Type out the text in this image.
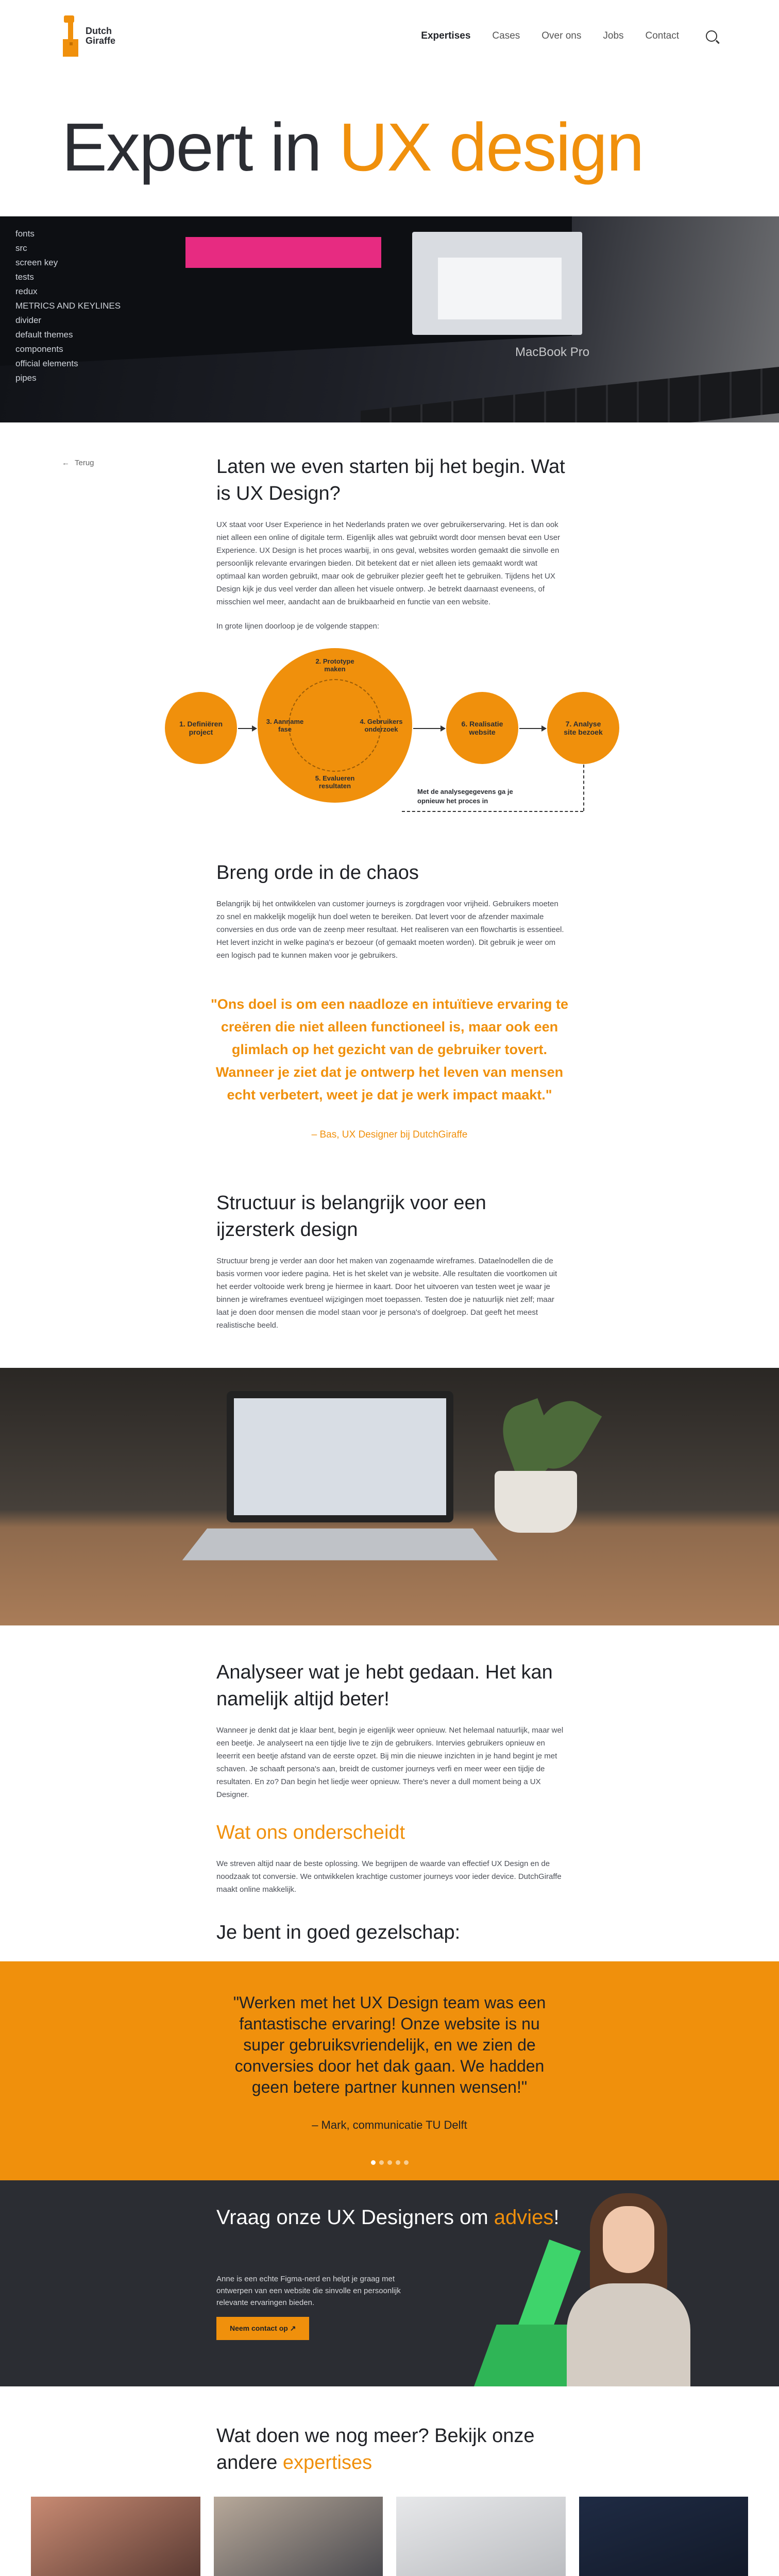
Dutch
Giraffe	Expertises Cases Over ons Jobs Contact
Expert in UX design
fonts
src
screen key
tests
redux
METRICS AND KEYLINES
divider
default themes
components
official elements
pipes
MacBook Pro
← Terug	Laten we even starten bij het begin. Wat is UX Design?

UX staat voor User Experience in het Nederlands praten we over gebruikerservaring. Het is dan ook niet alleen een online of digitale term. Eigenlijk alles wat gebruikt wordt door mensen bevat een User Experience. UX Design is het proces waarbij, in ons geval, websites worden gemaakt die sinvolle en persoonlijk relevante ervaringen bieden. Dit betekent dat er niet alleen iets gemaakt wordt wat optimaal kan worden gebruikt, maar ook de gebruiker plezier geeft het te gebruiken. Tijdens het UX Design kijk je dus veel verder dan alleen het visuele ontwerp. Je betrekt daarnaast eveneens, of misschien wel meer, aandacht aan de bruikbaarheid en functie van een website.

In grote lijnen doorloop je de volgende stappen:

1. Definiëren project
2. Prototype maken
3. Aanname fase
4. Gebruikers onderzoek
5. Evalueren resultaten
6. Realisatie website
7. Analyse site bezoek
Met de analysegegevens ga je opnieuw het proces in
Breng orde in de chaos

Belangrijk bij het ontwikkelen van customer journeys is zorgdragen voor vrijheid. Gebruikers moeten zo snel en makkelijk mogelijk hun doel weten te bereiken. Dat levert voor de afzender maximale conversies en dus orde van de zeenp meer resultaat. Het realiseren van een flowchartis is essentieel. Het levert inzicht in welke pagina's er bezoeur (of gemaakt moeten worden). Dit gebruik je weer om een logisch pad te kunnen maken voor je gebruikers.

"Ons doel is om een naadloze en intuïtieve ervaring te creëren die niet alleen functioneel is, maar ook een glimlach op het gezicht van de gebruiker tovert. Wanneer je ziet dat je ontwerp het leven van mensen echt verbetert, weet je dat je werk impact maakt."
– Bas, UX Designer bij DutchGiraffe
Structuur is belangrijk voor een ijzersterk design

Structuur breng je verder aan door het maken van zogenaamde wireframes. Dataelnodellen die de basis vormen voor iedere pagina. Het is het skelet van je website. Alle resultaten die voortkomen uit het eerder voltooide werk breng je hiermee in kaart. Door het uitvoeren van testen weet je waar je binnen je wireframes eventueel wijzigingen moet toepassen. Testen doe je natuurlijk niet zelf; maar laat je doen door mensen die model staan voor je persona's of doelgroep. Dat geeft het meest realistische beeld.

Analyseer wat je hebt gedaan. Het kan namelijk altijd beter!

Wanneer je denkt dat je klaar bent, begin je eigenlijk weer opnieuw. Net helemaal natuurlijk, maar wel een beetje. Je analyseert na een tijdje live te zijn de gebruikers. Intervies gebruikers opnieuw en leeerrit een beetje afstand van de eerste opzet. Bij min die nieuwe inzichten in je hand begint je met schaven. Je schaaft persona's aan, breidt de customer journeys verfi en meer weer een tijdje de resultaten. En zo? Dan begin het liedje weer opnieuw. There's never a dull moment being a UX Designer.

Wat ons onderscheidt

We streven altijd naar de beste oplossing. We begrijpen de waarde van effectief UX Design en de noodzaak tot conversie. We ontwikkelen krachtige customer journeys voor ieder device. DutchGiraffe maakt online makkelijk.

Je bent in goed gezelschap:
"Werken met het UX Design team was een fantastische ervaring! Onze website is nu super gebruiksvriendelijk, en we zien de conversies door het dak gaan. We hadden geen betere partner kunnen wensen!"
– Mark, communicatie TU Delft
Vraag onze UX Designers om advies!

Anne is een echte Figma-nerd en helpt je graag met ontwerpen van een website die sinvolle en persoonlijk relevante ervaringen bieden.

Neem contact op ↗
Wat doen we nog meer? Bekijk onze andere expertises
